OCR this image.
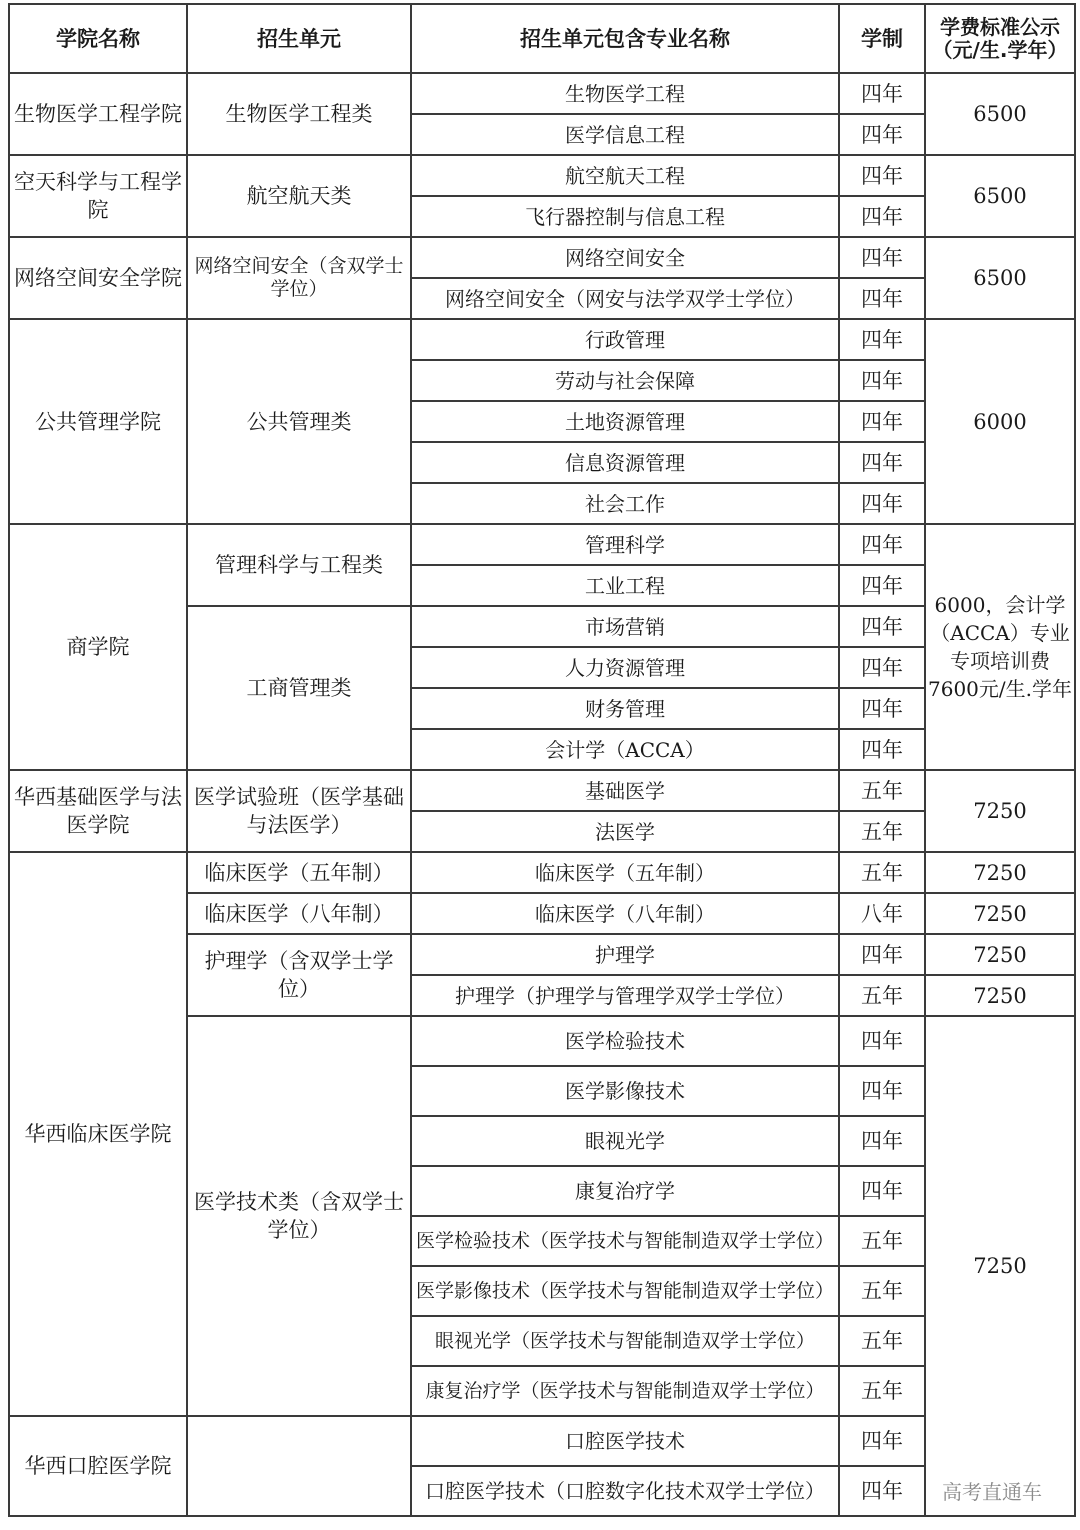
学院名称	招生单元	招生单元包含专业名称	学制	学费标准公示（元/生.学年）
生物医学工程学院	生物医学工程类	生物医学工程	四年	6500
		医学信息工程	四年	
空天科学与工程学院	航空航天类	航空航天工程	四年	6500
		飞行器控制与信息工程	四年	
网络空间安全学院	网络空间安全（含双学士学位）	网络空间安全	四年	6500
		网络空间安全（网安与法学双学士学位）	四年	
公共管理学院	公共管理类	行政管理	四年	6000
		劳动与社会保障	四年	
		土地资源管理	四年	
		信息资源管理	四年	
		社会工作	四年	
商学院	管理科学与工程类	管理科学	四年	6000，会计学（ACCA）专业专项培训费7600元/生.学年
		工业工程	四年	
	工商管理类	市场营销	四年	
		人力资源管理	四年	
		财务管理	四年	
		会计学（ACCA）	四年	
华西基础医学与法医学院	医学试验班（医学基础与法医学）	基础医学	五年	7250
		法医学	五年	
华西临床医学院	临床医学（五年制）	临床医学（五年制）	五年	7250
	临床医学（八年制）	临床医学（八年制）	八年	7250
	护理学（含双学士学位）	护理学	四年	7250
		护理学（护理学与管理学双学士学位）	五年	7250
	医学技术类（含双学士学位）	医学检验技术	四年	7250
		医学影像技术	四年	
		眼视光学	四年	
		康复治疗学	四年	
		医学检验技术（医学技术与智能制造双学士学位）	五年	
		医学影像技术（医学技术与智能制造双学士学位）	五年	
		眼视光学（医学技术与智能制造双学士学位）	五年	
		康复治疗学（医学技术与智能制造双学士学位）	五年	
华西口腔医学院		口腔医学技术	四年	
		口腔医学技术（口腔数字化技术双学士学位）	四年	高考直通车
